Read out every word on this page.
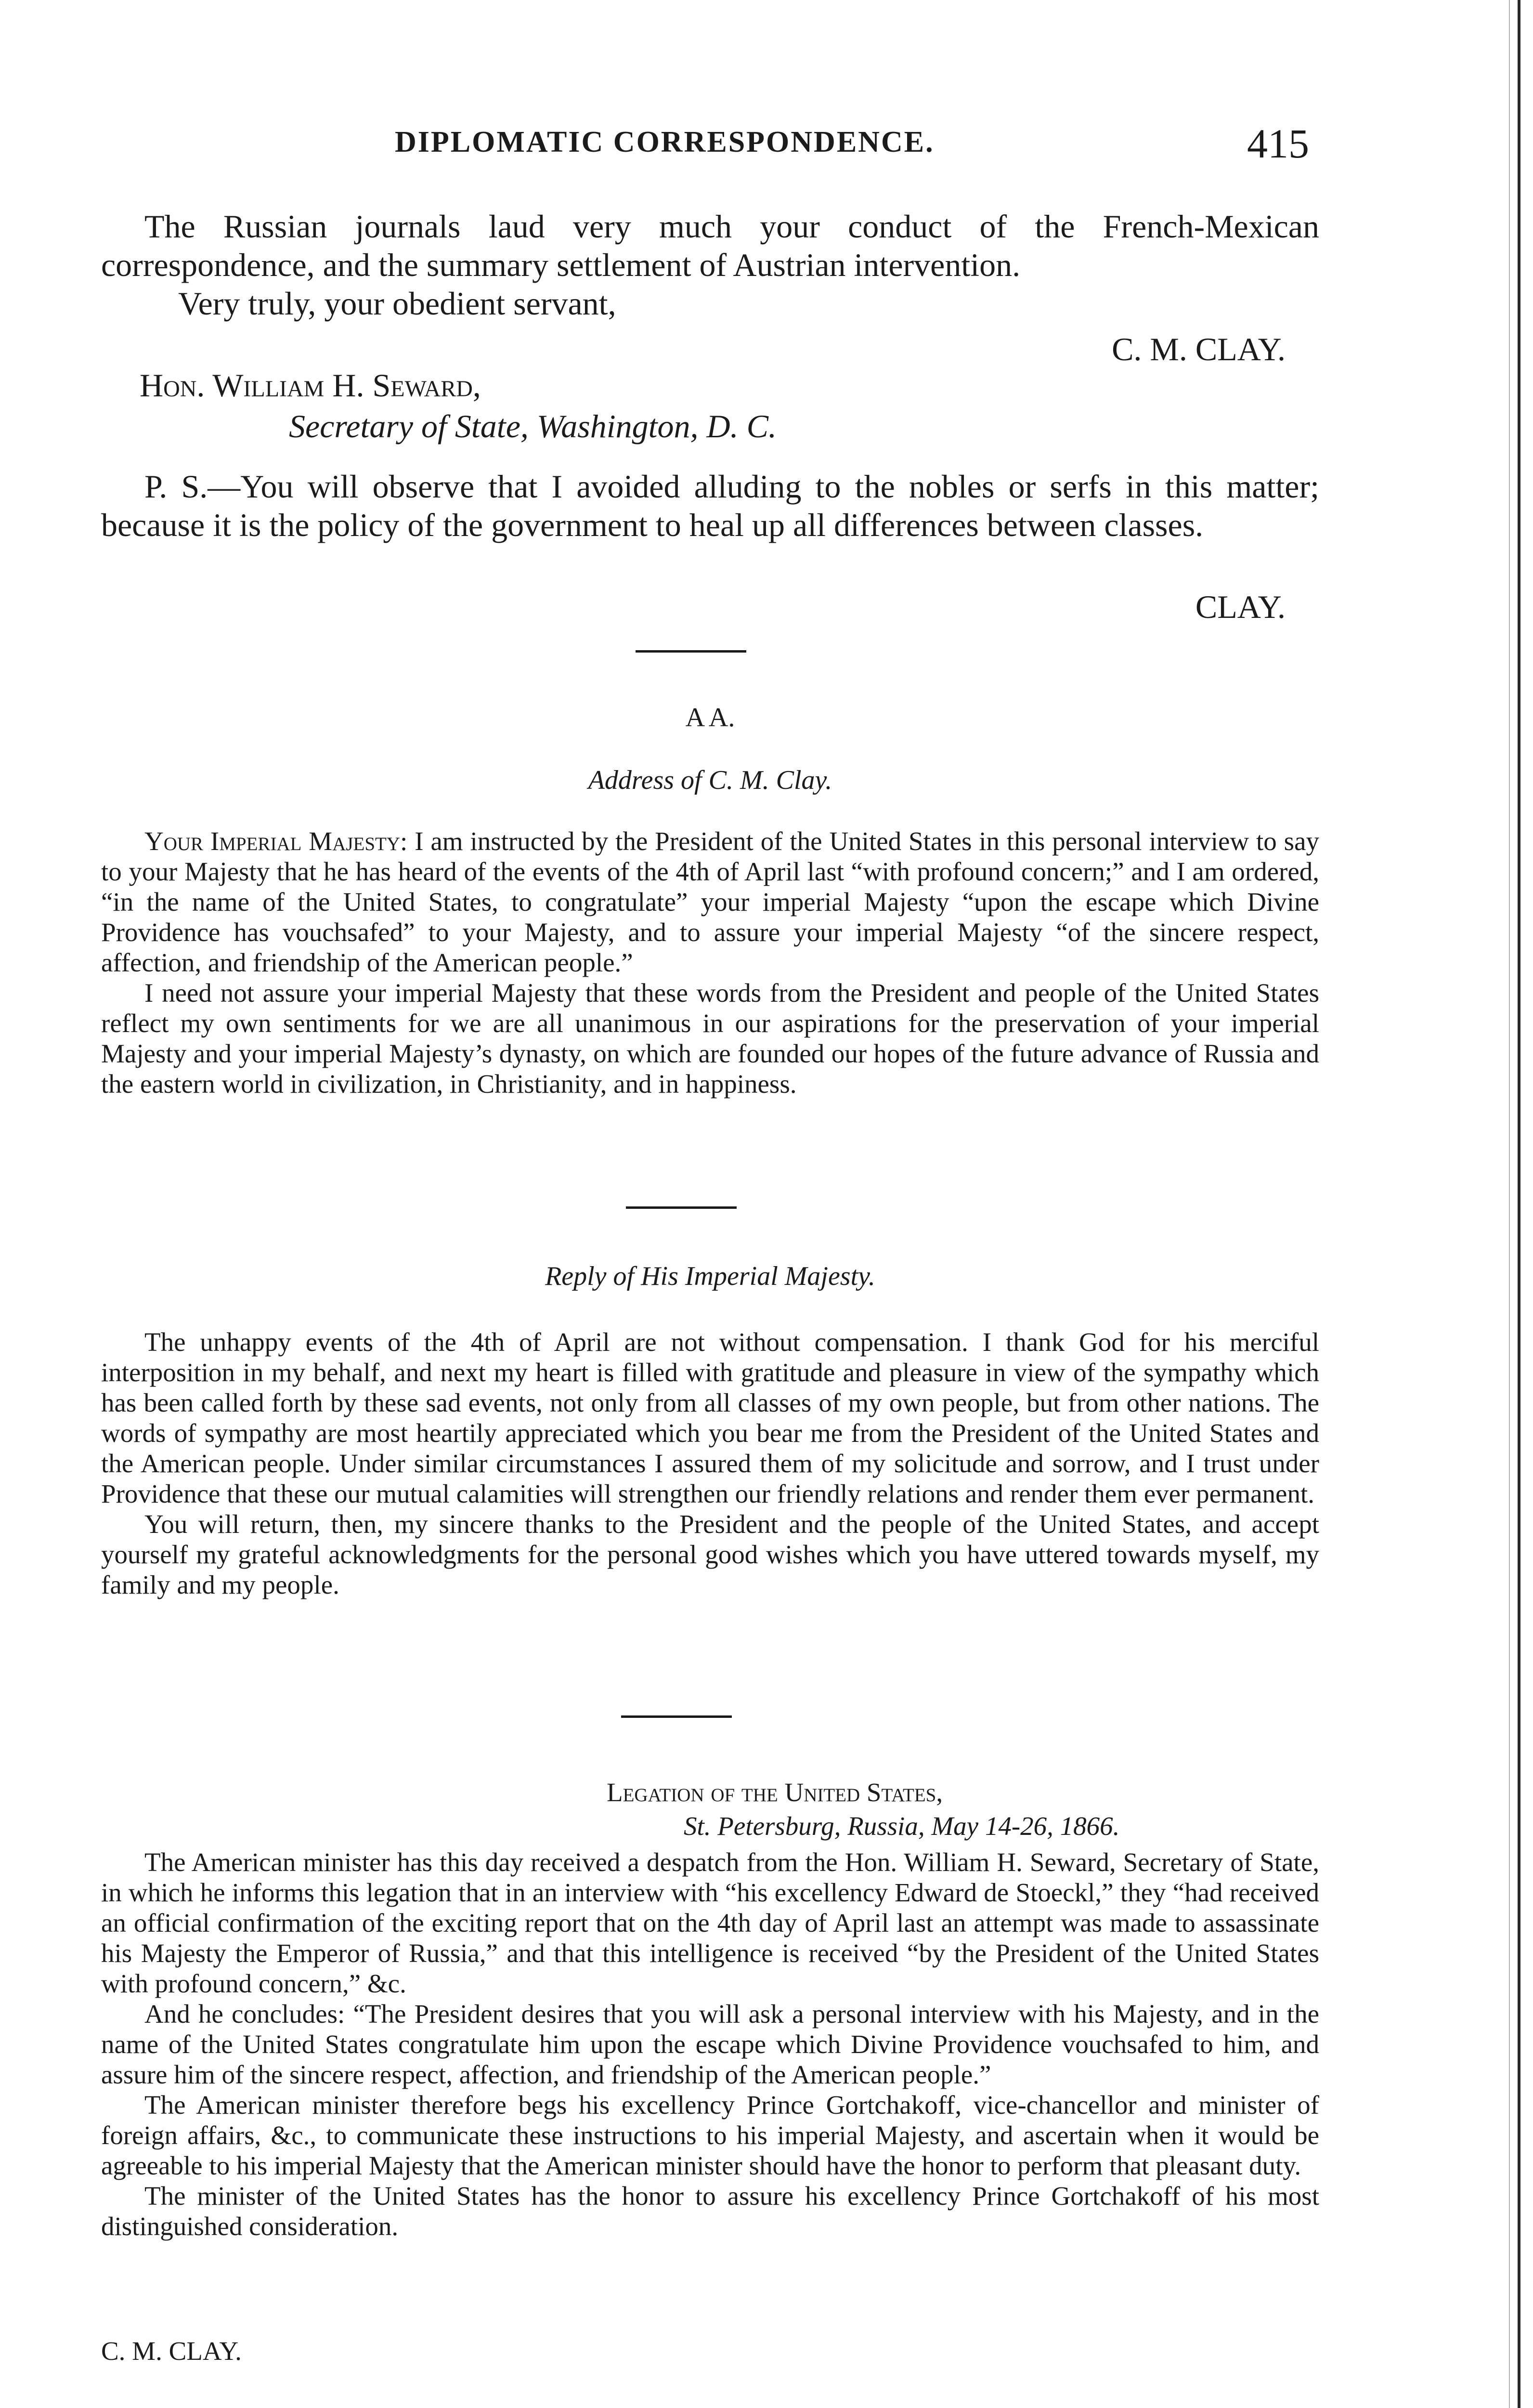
DIPLOMATIC CORRESPONDENCE.	415
The Russian journals laud very much your conduct of the French-Mexican correspondence, and the summary settlement of Austrian intervention.
Very truly, your obedient servant,
C. M. CLAY.
Hon. William H. Seward,
Secretary of State, Washington, D. C.
P. S.—You will observe that I avoided alluding to the nobles or serfs in this matter; because it is the policy of the government to heal up all differences between classes.
CLAY.
A A.
Address of C. M. Clay.

Your Imperial Majesty: I am instructed by the President of the United States in this personal interview to say to your Majesty that he has heard of the events of the 4th of April last “with profound concern;” and I am ordered, “in the name of the United States, to congratulate” your imperial Majesty “upon the escape which Divine Providence has vouchsafed” to your Majesty, and to assure your imperial Majesty “of the sincere respect, affection, and friendship of the American people.”

I need not assure your imperial Majesty that these words from the President and people of the United States reflect my own sentiments for we are all unanimous in our aspirations for the preservation of your imperial Majesty and your imperial Majesty’s dynasty, on which are founded our hopes of the future advance of Russia and the eastern world in civilization, in Christianity, and in happiness.

Reply of His Imperial Majesty.

The unhappy events of the 4th of April are not without compensation. I thank God for his merciful interposition in my behalf, and next my heart is filled with gratitude and pleasure in view of the sympathy which has been called forth by these sad events, not only from all classes of my own people, but from other nations. The words of sympathy are most heartily appreciated which you bear me from the President of the United States and the American people. Under similar circumstances I assured them of my solicitude and sorrow, and I trust under Providence that these our mutual calamities will strengthen our friendly relations and render them ever permanent.

You will return, then, my sincere thanks to the President and the people of the United States, and accept yourself my grateful acknowledgments for the personal good wishes which you have uttered towards myself, my family and my people.

Legation of the United States,
St. Petersburg, Russia, May 14-26, 1866.

The American minister has this day received a despatch from the Hon. William H. Seward, Secretary of State, in which he informs this legation that in an interview with “his excellency Edward de Stoeckl,” they “had received an official confirmation of the exciting report that on the 4th day of April last an attempt was made to assassinate his Majesty the Emperor of Russia,” and that this intelligence is received “by the President of the United States with profound concern,” &c.

And he concludes: “The President desires that you will ask a personal interview with his Majesty, and in the name of the United States congratulate him upon the escape which Divine Providence vouchsafed to him, and assure him of the sincere respect, affection, and friendship of the American people.”

The American minister therefore begs his excellency Prince Gortchakoff, vice-chancellor and minister of foreign affairs, &c., to communicate these instructions to his imperial Majesty, and ascertain when it would be agreeable to his imperial Majesty that the American minister should have the honor to perform that pleasant duty.

The minister of the United States has the honor to assure his excellency Prince Gortchakoff of his most distinguished consideration.

C. M. CLAY.
